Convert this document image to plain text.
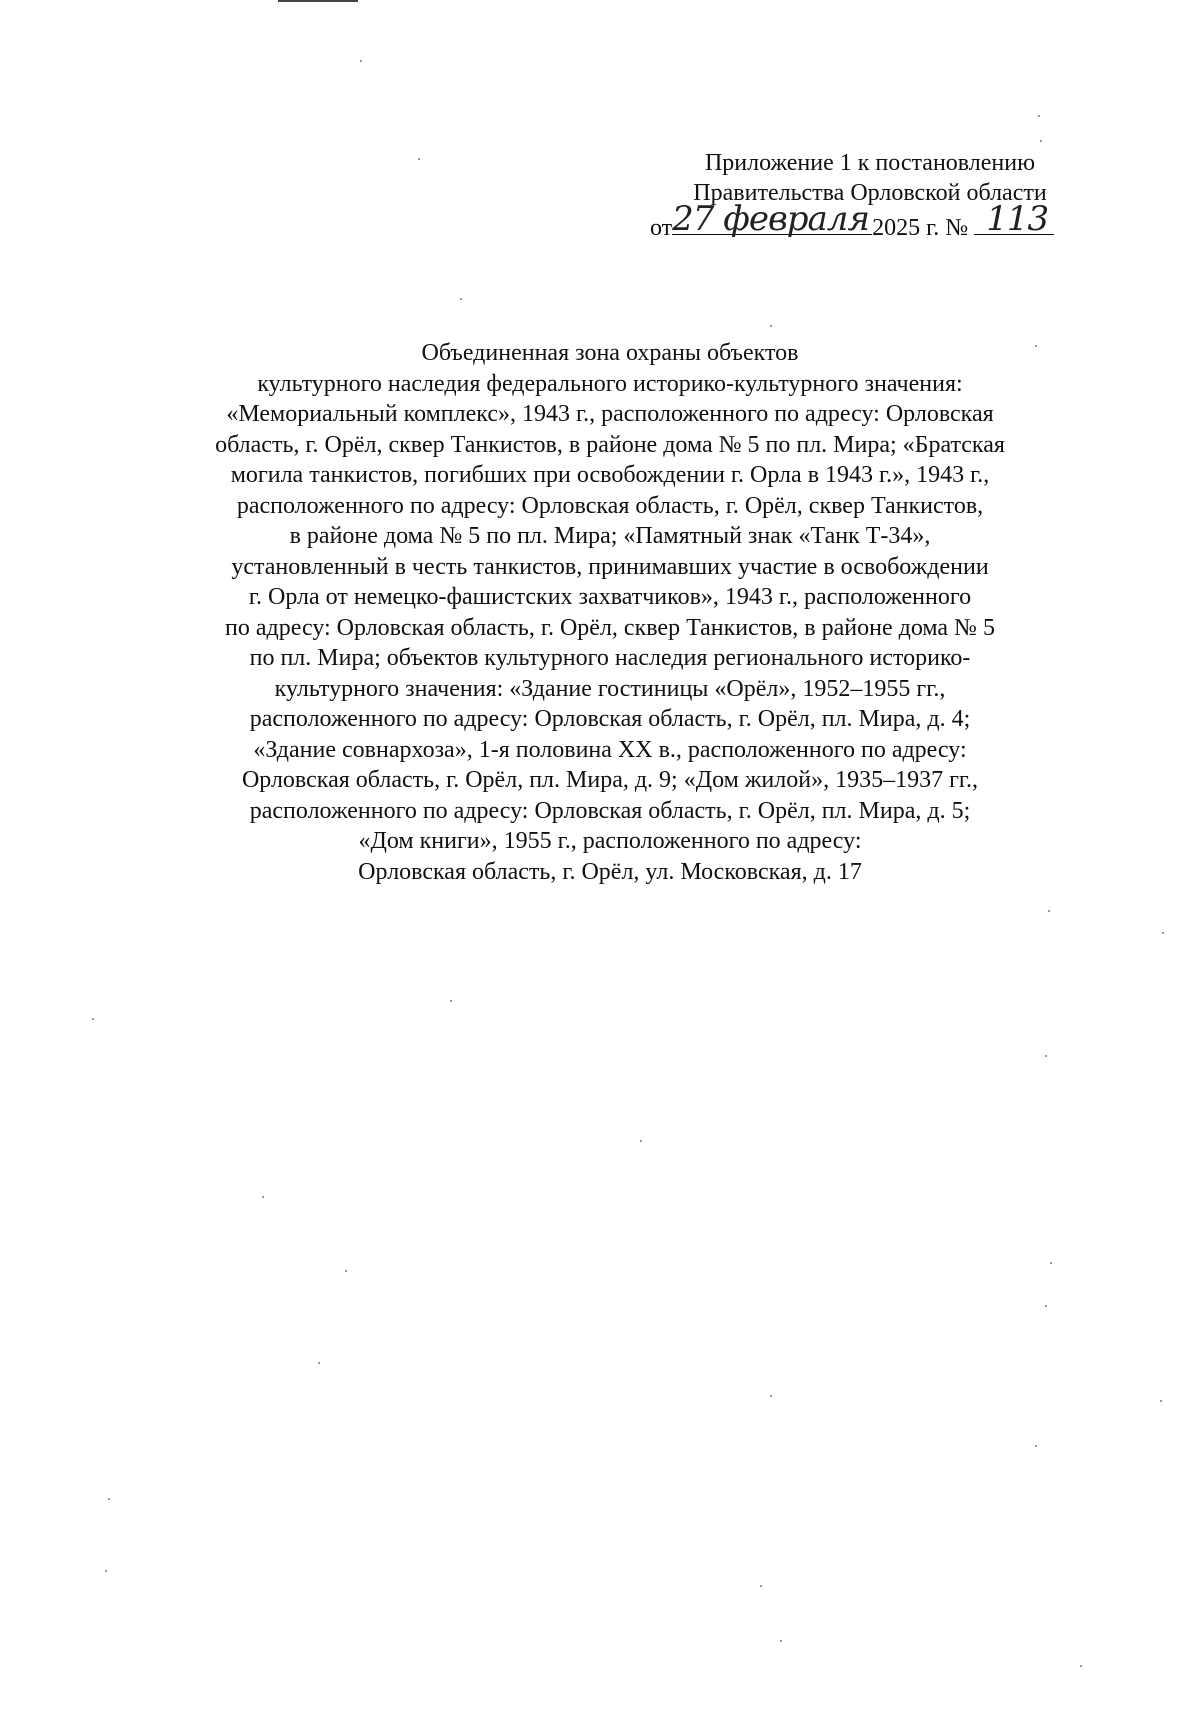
Приложение 1 к постановлению
Правительства Орловской области
от 27 февраля 2025 г. № 113
Объединенная зона охраны объектов
культурного наследия федерального историко-культурного значения:
«Мемориальный комплекс», 1943 г., расположенного по адресу: Орловская
область, г. Орёл, сквер Танкистов, в районе дома № 5 по пл. Мира; «Братская
могила танкистов, погибших при освобождении г. Орла в 1943 г.», 1943 г.,
расположенного по адресу: Орловская область, г. Орёл, сквер Танкистов,
в районе дома № 5 по пл. Мира; «Памятный знак «Танк Т-34»,
установленный в честь танкистов, принимавших участие в освобождении
г. Орла от немецко-фашистских захватчиков», 1943 г., расположенного
по адресу: Орловская область, г. Орёл, сквер Танкистов, в районе дома № 5
по пл. Мира; объектов культурного наследия регионального историко-
культурного значения: «Здание гостиницы «Орёл», 1952–1955 гг.,
расположенного по адресу: Орловская область, г. Орёл, пл. Мира, д. 4;
«Здание совнархоза», 1-я половина XX в., расположенного по адресу:
Орловская область, г. Орёл, пл. Мира, д. 9; «Дом жилой», 1935–1937 гг.,
расположенного по адресу: Орловская область, г. Орёл, пл. Мира, д. 5;
«Дом книги», 1955 г., расположенного по адресу:
Орловская область, г. Орёл, ул. Московская, д. 17
